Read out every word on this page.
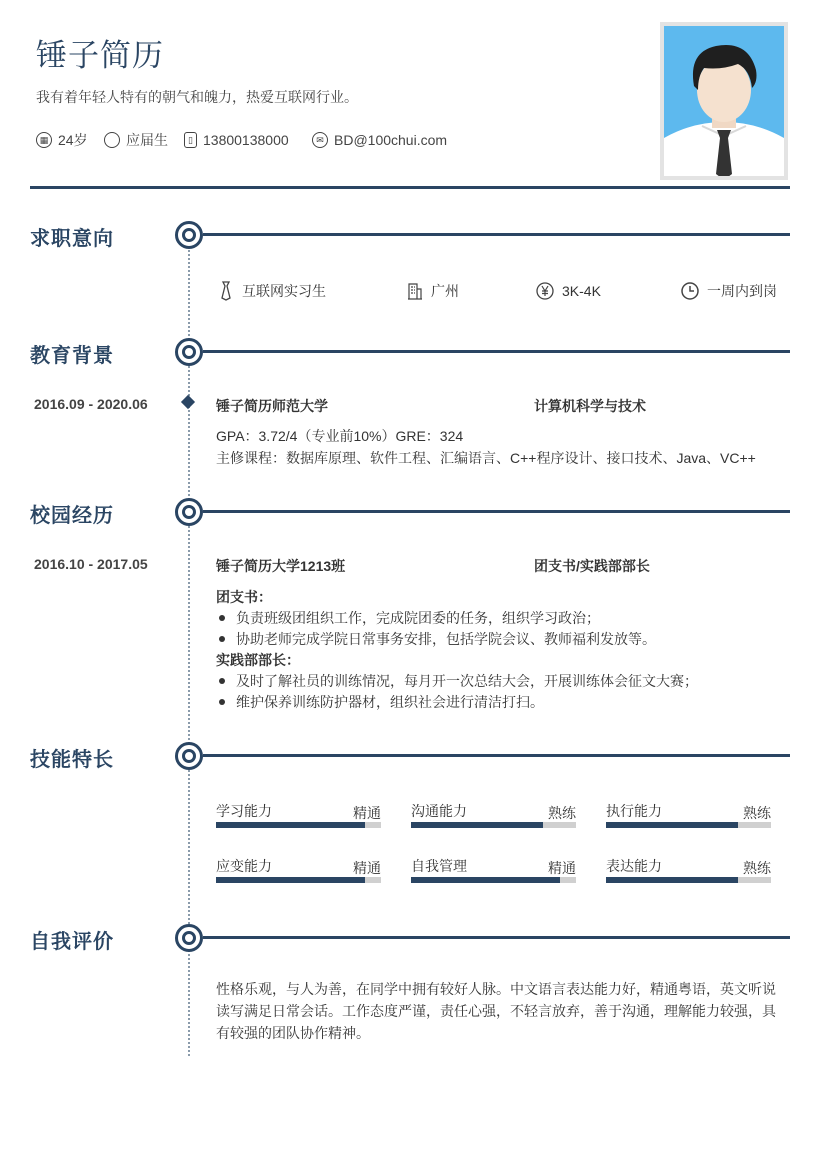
锤子简历
我有着年轻人特有的朝气和魄力，热爱互联网行业。
▦ 24岁	应届生	▯ 13800138000	✉ BD@100chui.com
求职意向
互联网实习生	广州	3K-4K	一周内到岗
教育背景
2016.09 - 2020.06	锤子简历师范大学	计算机科学与技术
GPA：3.72/4（专业前10%）GRE：324
主修课程：数据库原理、软件工程、汇编语言、C++程序设计、接口技术、Java、VC++
校园经历
2016.10 - 2017.05	锤子简历大学1213班	团支书/实践部部长
团支书：
负责班级团组织工作，完成院团委的任务，组织学习政治；
协助老师完成学院日常事务安排，包括学院会议、教师福利发放等。
实践部部长：
及时了解社员的训练情况，每月开一次总结大会，开展训练体会征文大赛；
维护保养训练防护器材，组织社会进行清洁打扫。
技能特长
学习能力	精通 沟通能力	熟练 执行能力	熟练
应变能力	精通 自我管理	精通 表达能力	熟练
自我评价
性格乐观，与人为善，在同学中拥有较好人脉。中文语言表达能力好，精通粤语，英文听说读写满足日常会话。工作态度严谨，责任心强，不轻言放弃，善于沟通，理解能力较强，具有较强的团队协作精神。
